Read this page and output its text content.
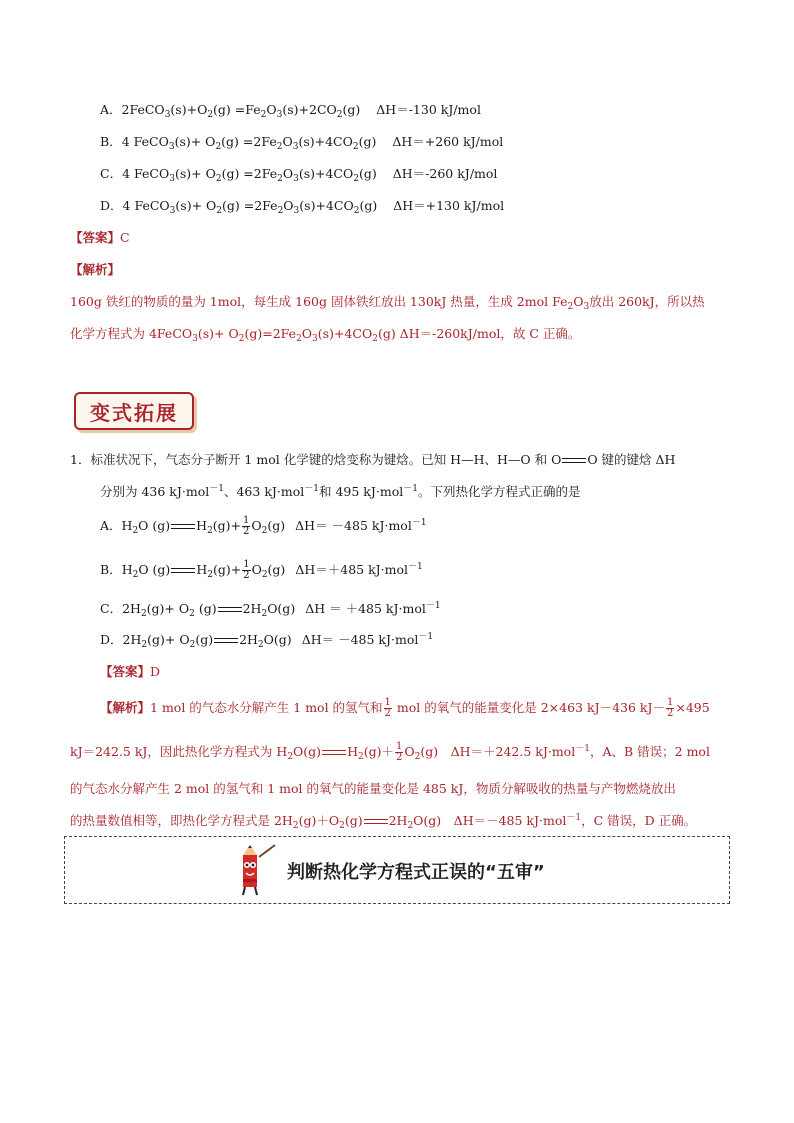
A．$2FeCO_3(s)+O_2(g) =Fe_2O_3(s)+2CO_2(g)$ ΔH＝-130 kJ/mol
B．4 FeCO$_3$(s)+ $O_2(g) =2Fe_2O_3(s)+4CO_2(g)$ ΔH＝+260 kJ/mol
C．4 FeCO$_3$(s)+ $O_2(g) =2Fe_2O_3(s)+4CO_2(g)$ ΔH＝-260 kJ/mol
D．4 FeCO$_3$(s)+ $O_2(g) =2Fe_2O_3(s)+4CO_2(g)$ ΔH＝+130 kJ/mol
【答案】C
【解析】
160g 铁红的物质的量为 1mol，每生成 160g 固体铁红放出 130kJ 热量，生成 2mol $Fe_2O_3$放出 260kJ，所以热
化学方程式为 4FeCO$_3$(s)+ $O_2(g)=2Fe_2O_3(s)+4CO_2(g)$ ΔH＝-260kJ/mol，故 C 正确。
变式拓展
1．标准状况下，气态分子断开 1 mol 化学键的焓变称为键焓。已知 H—H、H—O 和 O O 键的键焓 ΔH
分别为 436 kJ·mol$^{-1}$、463 kJ·mol$^{-1}$和 495 kJ·mol$^{-1}$。下列热化学方程式正确的是
A．$H_2O$ (g) $H_2(g)+ \frac{1}{2} O_2(g)$ ΔH＝ －485 kJ·mol$^{-1}$
B．$H_2O$ (g) $H_2(g)+ \frac{1}{2} O_2(g)$ ΔH＝＋485 kJ·mol$^{-1}$
C．$2H_2(g)+ O_2$ (g) $2H_2O(g) \Delta H = +485$ kJ·mol$^{-1}$
D．$2H_2(g)+ O_2(g)$ $2H_2O(g)$ ΔH＝ －485 kJ·mol$^{-1}$
【答案】D
【解析】1 mol 的气态水分解产生 1 mol 的氢气和 $\frac{1}{2}$ mol 的氧气的能量变化是 2×463 kJ－436 $kJ- \frac{1}{2} \times 495$
kJ＝242.5 kJ，因此热化学方程式为 $H_2O(g)$ $H_2(g)+ \frac{1}{2} O_2(g)$　ΔH＝＋242.5 kJ·mol$^{-1}$，A、B 错误；2 mol
的气态水分解产生 2 mol 的氢气和 1 mol 的氧气的能量变化是 485 kJ，物质分解吸收的热量与产物燃烧放出
的热量数值相等，即热化学方程式是 $2H_2(g)+O_2(g)$ $2H_2O(g)$　ΔH＝－485 kJ·mol$^{-1}$，C 错误，D 正确。
判断热化学方程式正误的“五审”
